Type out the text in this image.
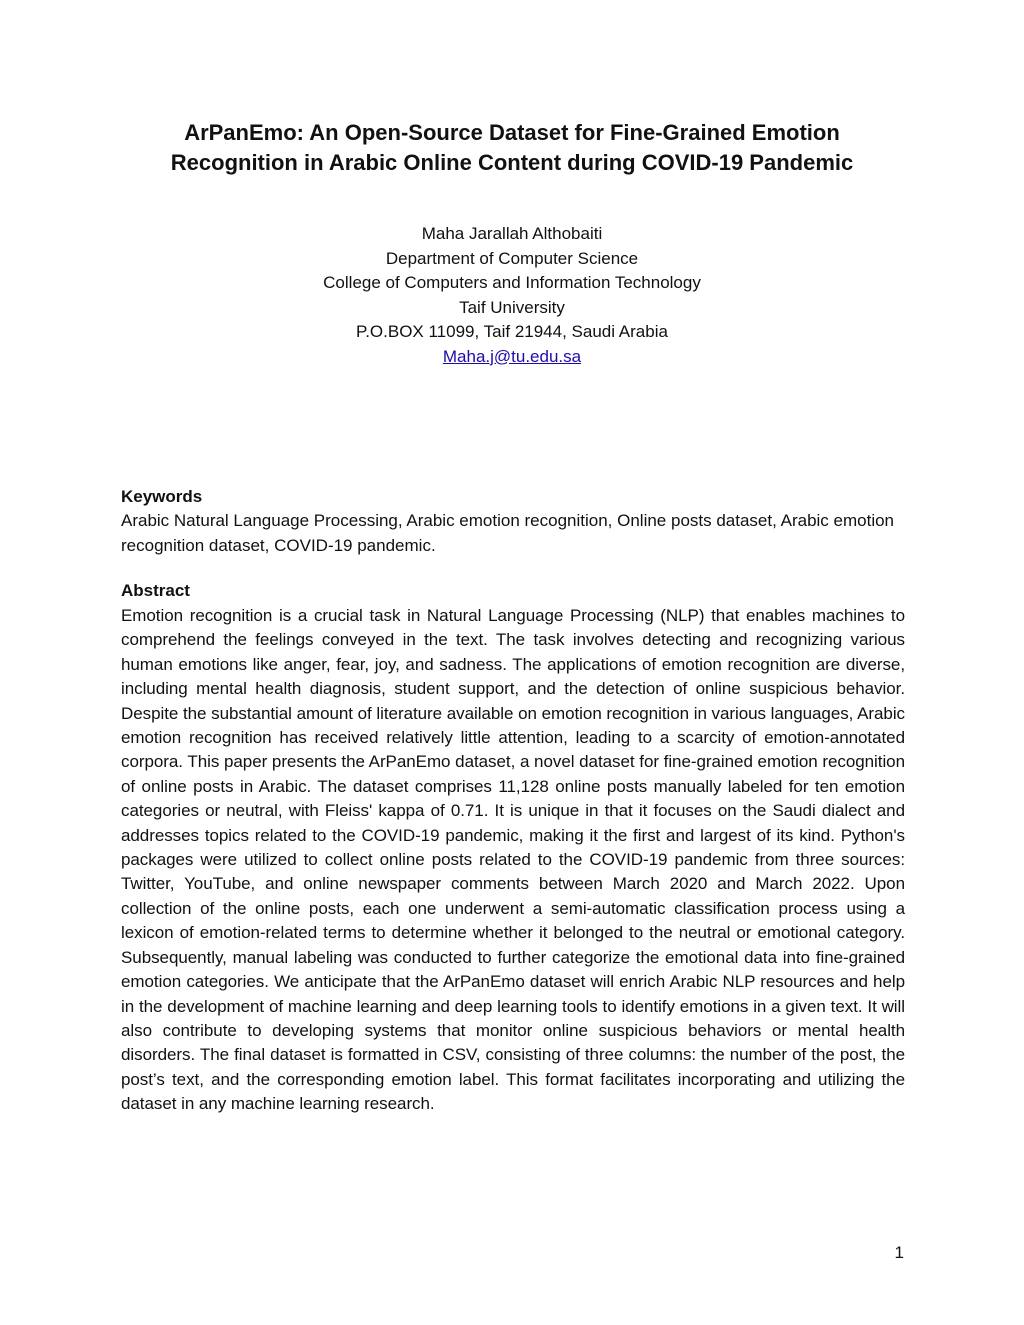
ArPanEmo: An Open-Source Dataset for Fine-Grained Emotion
Recognition in Arabic Online Content during COVID-19 Pandemic
Maha Jarallah Althobaiti
Department of Computer Science
College of Computers and Information Technology
Taif University
P.O.BOX 11099, Taif 21944, Saudi Arabia
Maha.j@tu.edu.sa
Keywords

Arabic Natural Language Processing, Arabic emotion recognition, Online posts dataset, Arabic emotion recognition dataset, COVID-19 pandemic.

Abstract

Emotion recognition is a crucial task in Natural Language Processing (NLP) that enables machines to comprehend the feelings conveyed in the text. The task involves detecting and recognizing various human emotions like anger, fear, joy, and sadness. The applications of emotion recognition are diverse, including mental health diagnosis, student support, and the detection of online suspicious behavior. Despite the substantial amount of literature available on emotion recognition in various languages, Arabic emotion recognition has received relatively little attention, leading to a scarcity of emotion-annotated corpora. This paper presents the ArPanEmo dataset, a novel dataset for fine-grained emotion recognition of online posts in Arabic. The dataset comprises 11,128 online posts manually labeled for ten emotion categories or neutral, with Fleiss' kappa of 0.71. It is unique in that it focuses on the Saudi dialect and addresses topics related to the COVID-19 pandemic, making it the first and largest of its kind. Python's packages were utilized to collect online posts related to the COVID-19 pandemic from three sources: Twitter, YouTube, and online newspaper comments between March 2020 and March 2022. Upon collection of the online posts, each one underwent a semi-automatic classification process using a lexicon of emotion-related terms to determine whether it belonged to the neutral or emotional category. Subsequently, manual labeling was conducted to further categorize the emotional data into fine-grained emotion categories. We anticipate that the ArPanEmo dataset will enrich Arabic NLP resources and help in the development of machine learning and deep learning tools to identify emotions in a given text. It will also contribute to developing systems that monitor online suspicious behaviors or mental health disorders. The final dataset is formatted in CSV, consisting of three columns: the number of the post, the post’s text, and the corresponding emotion label. This format facilitates incorporating and utilizing the dataset in any machine learning research.

1
